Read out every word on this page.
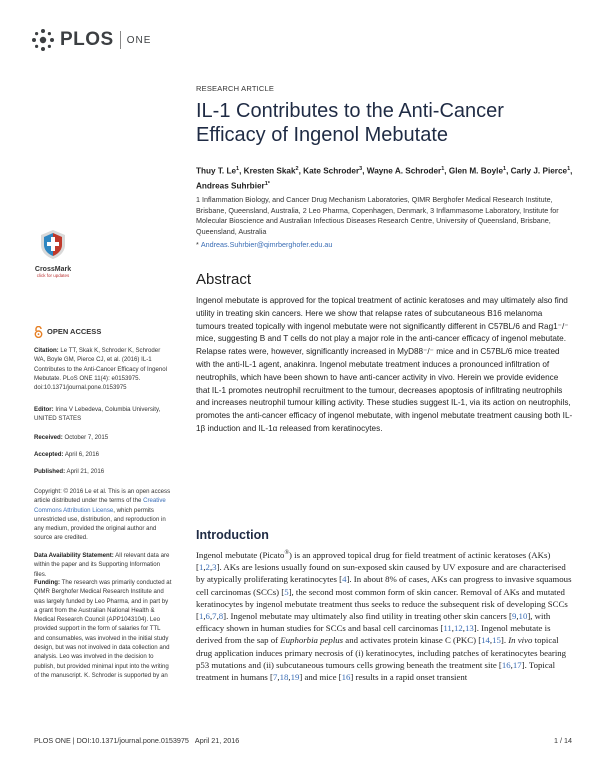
PLOS ONE
RESEARCH ARTICLE
IL-1 Contributes to the Anti-Cancer Efficacy of Ingenol Mebutate
Thuy T. Le$^1$, Kresten Skak$^2$, Kate Schroder$^3$, Wayne A. Schroder$^1$, Glen M. Boyle$^1$, Carly J. Pierce$^1$, Andreas Suhrbier$^{1*}$
1 Inflammation Biology, and Cancer Drug Mechanism Laboratories, QIMR Berghofer Medical Research Institute, Brisbane, Queensland, Australia, 2 Leo Pharma, Copenhagen, Denmark, 3 Inflammasome Laboratory, Institute for Molecular Bioscience and Australian Infectious Diseases Research Centre, University of Queensland, Brisbane, Queensland, Australia
* Andreas.Suhrbier@qimrberghofer.edu.au
Abstract
Ingenol mebutate is approved for the topical treatment of actinic keratoses and may ultimately also find utility in treating skin cancers. Here we show that relapse rates of subcutaneous B16 melanoma tumours treated topically with ingenol mebutate were not significantly different in C57BL/6 and Rag1⁻/⁻ mice, suggesting B and T cells do not play a major role in the anti-cancer efficacy of ingenol mebutate. Relapse rates were, however, significantly increased in MyD88⁻/⁻ mice and in C57BL/6 mice treated with the anti-IL-1 agent, anakinra. Ingenol mebutate treatment induces a pronounced infiltration of neutrophils, which have been shown to have anti-cancer activity in vivo. Herein we provide evidence that IL-1 promotes neutrophil recruitment to the tumour, decreases apoptosis of infiltrating neutrophils and increases neutrophil tumour killing activity. These studies suggest IL-1, via its action on neutrophils, promotes the anti-cancer efficacy of ingenol mebutate, with ingenol mebutate treatment causing both IL-1β induction and IL-1α released from keratinocytes.
Introduction
Ingenol mebutate (Picato®) is an approved topical drug for field treatment of actinic keratoses (AKs) [1,2,3]. AKs are lesions usually found on sun-exposed skin caused by UV exposure and are characterised by atypically proliferating keratinocytes [4]. In about 8% of cases, AKs can progress to invasive squamous cell carcinomas (SCCs) [5], the second most common form of skin cancer. Removal of AKs and mutated keratinocytes by ingenol mebutate treatment thus seeks to reduce the subsequent risk of developing SCCs [1,6,7,8]. Ingenol mebutate may ultimately also find utility in treating other skin cancers [9,10], with efficacy shown in human studies for SCCs and basal cell carcinomas [11,12,13]. Ingenol mebutate is derived from the sap of Euphorbia peplus and activates protein kinase C (PKC) [14,15]. In vivo topical drug application induces primary necrosis of (i) keratinocytes, including patches of keratinocytes bearing p53 mutations and (ii) subcutaneous tumours cells growing beneath the treatment site [16,17]. Topical treatment in humans [7,18,19] and mice [16] results in a rapid onset transient
CrossMark
click for updates
OPEN ACCESS
Citation: Le TT, Skak K, Schroder K, Schroder WA, Boyle GM, Pierce CJ, et al. (2016) IL-1 Contributes to the Anti-Cancer Efficacy of Ingenol Mebutate. PLoS ONE 11(4): e0153975. doi:10.1371/journal.pone.0153975
Editor: Irina V Lebedeva, Columbia University, UNITED STATES
Received: October 7, 2015
Accepted: April 6, 2016
Published: April 21, 2016
Copyright: © 2016 Le et al. This is an open access article distributed under the terms of the Creative Commons Attribution License, which permits unrestricted use, distribution, and reproduction in any medium, provided the original author and source are credited.
Data Availability Statement: All relevant data are within the paper and its Supporting Information files.
Funding: The research was primarily conducted at QIMR Berghofer Medical Research Institute and was largely funded by Leo Pharma, and in part by a grant from the Australian National Health & Medical Research Council (APP1043104). Leo provided support in the form of salaries for TTL and consumables, was involved in the initial study design, but was not involved in data collection and analysis. Leo was involved in the decision to publish, but provided minimal input into the writing of the manuscript. K. Schroder is supported by an
PLOS ONE | DOI:10.1371/journal.pone.0153975 April 21, 2016	1 / 14
